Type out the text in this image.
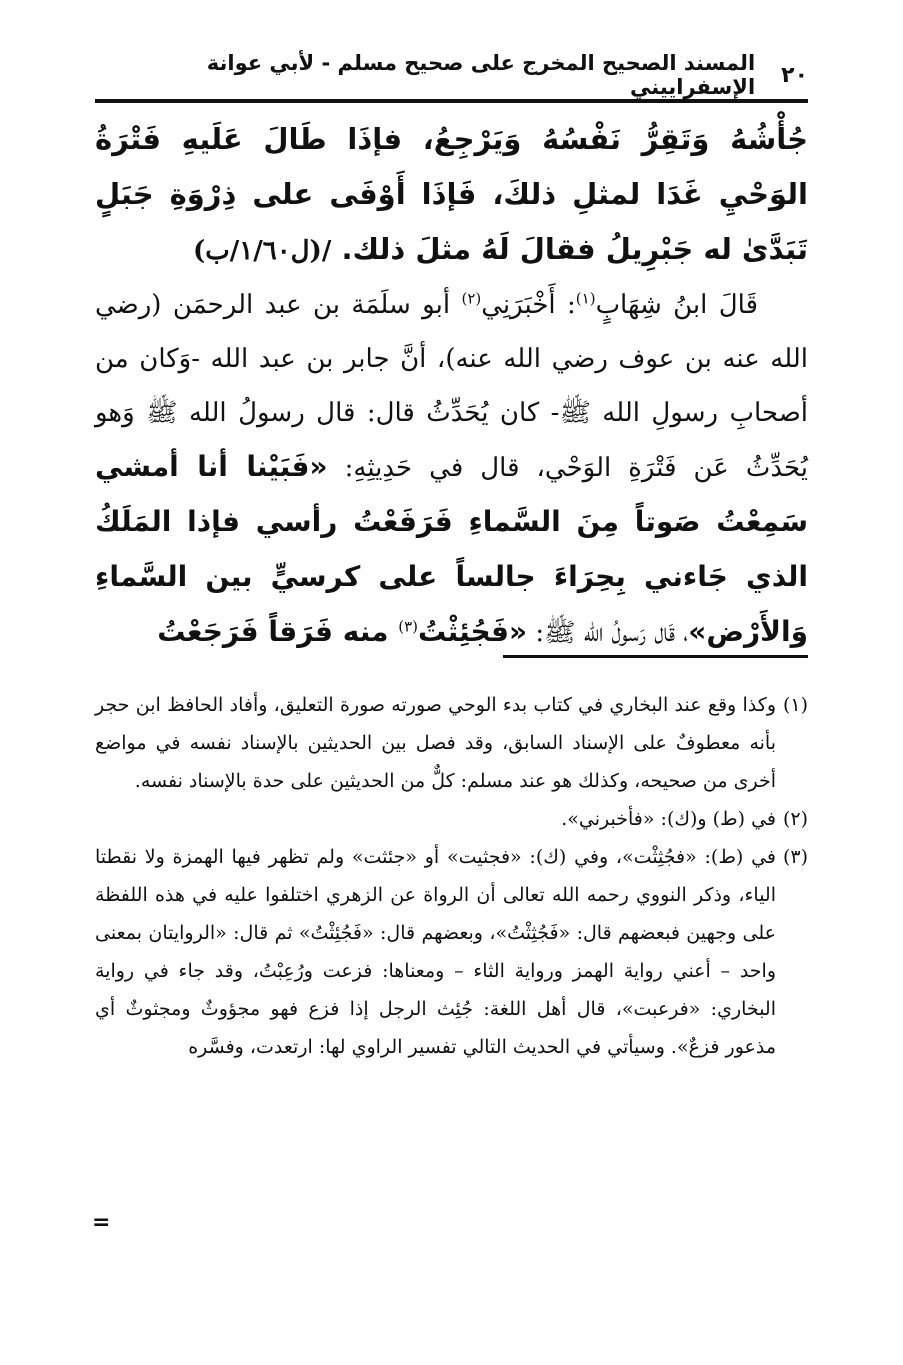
٢٠
المسند الصحيح المخرج على صحيح مسلم - لأبي عوانة الإسفراييني

جُأْشُهُ وَتَقِرُّ نَفْسُهُ وَيَرْجِعُ، فإذَا طَالَ عَلَيهِ فَتْرَةُ الوَحْيِ غَدَا لمثلِ ذلكَ، فَإذَا أَوْفَى على ذِرْوَةِ جَبَلٍ تَبَدَّىٰ له جَبْرِيلُ فقالَ لَهُ مثلَ ذلك. /(ل١/٦٠/ب)

قَالَ ابنُ شِهَابٍ$^{(١)}$: أَخْبَرَنِي$^{(٢)}$ أبو سلَمَة بن عبد الرحمَن (رضي الله عنه بن عوف رضي الله عنه)، أنَّ جابر بن عبد الله -وَكان من أصحابِ رسولِ الله ﷺ- كان يُحَدِّثُ قال: قال رسولُ الله ﷺ وَهو يُحَدِّثُ عَن فَتْرَةِ الوَحْي، قال في حَدِيثِهِ: «فَبَيْنا أنا أمشي سَمِعْتُ صَوتاً مِنَ السَّماءِ فَرَفَعْتُ رأسي فإذا المَلَكُ الذي جَاءني بِحِرَاءَ جالساً على كرسيٍّ بين السَّماءِ وَالأَرْض»، قَال رَسولُ الله ﷺ: «فَجُئِثْتُ$^{(٣)}$ منه فَرَقاً فَرَجَعْتُ

(١)وكذا وقع عند البخاري في كتاب بدء الوحي صورته صورة التعليق، وأفاد الحافظ ابن حجر بأنه معطوفٌ على الإسناد السابق، وقد فصل بين الحديثين بالإسناد نفسه في مواضع أخرى من صحيحه، وكذلك هو عند مسلم: كلٌّ من الحديثين على حدة بالإسناد نفسه.

(٢)في (ط) و(ك): «فأخبرني».

(٣)في (ط): «فجُثِثْت»، وفي (ك): «فجثيت» أو «جئثت» ولم تظهر فيها الهمزة ولا نقطتا الياء، وذكر النووي رحمه الله تعالى أن الرواة عن الزهري اختلفوا عليه في هذه اللفظة على وجهين فبعضهم قال: «فَجُثِثْتُ»، وبعضهم قال: «فَجُئِثْتُ» ثم قال: «الروايتان بمعنى واحد – أعني رواية الهمز ورواية الثاء – ومعناها: فزعت ورُعِبْتُ، وقد جاء في رواية البخاري: «فرعبت»، قال أهل اللغة: جُئِث الرجل إذا فزع فهو مجؤوثٌ ومجثوثٌ أي مذعور فزعٌ». وسيأتي في الحديث التالي تفسير الراوي لها: ارتعدت، وفسَّره

=
